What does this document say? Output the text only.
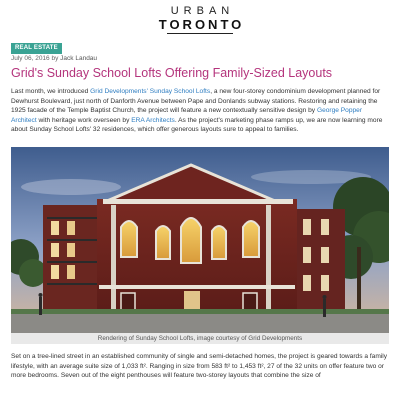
URBAN
TORONTO
REAL ESTATE
July 06, 2016 by Jack Landau
Grid's Sunday School Lofts Offering Family-Sized Layouts

Last month, we introduced Grid Developments' Sunday School Lofts, a new four-storey condominium development planned for Dewhurst Boulevard, just north of Danforth Avenue between Pape and Donlands subway stations. Restoring and retaining the 1925 facade of the Temple Baptist Church, the project will feature a new contextually sensitive design by George Popper Architect with heritage work overseen by ERA Architects. As the project's marketing phase ramps up, we are now learning more about Sunday School Lofts' 32 residences, which offer generous layouts sure to appeal to families.

Rendering of Sunday School Lofts, image courtesy of Grid Developments

Set on a tree-lined street in an established community of single and semi-detached homes, the project is geared towards a family lifestyle, with an average suite size of 1,033 ft². Ranging in size from 583 ft² to 1,453 ft², 27 of the 32 units on offer feature two or more bedrooms. Seven out of the eight penthouses will feature two-storey layouts that combine the size of
